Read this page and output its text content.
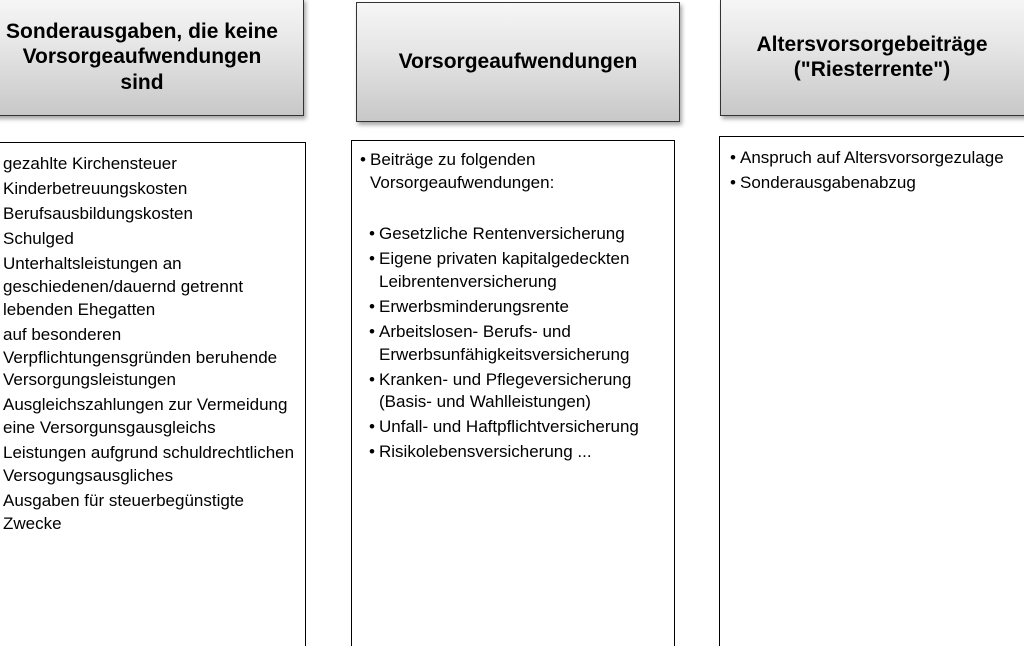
Sonderausgaben, die keine
Vorsorgeaufwendungen
sind
gezahlte Kirchensteuer
Kinderbetreuungskosten
Berufsausbildungskosten
Schulged
Unterhaltsleistungen an geschiedenen/dauernd getrennt lebenden Ehegatten
auf besonderen Verpflichtungensgründen beruhende Versorgungsleistungen
Ausgleichszahlungen zur Vermeidung eine Versorgunsgausgleichs
Leistungen aufgrund schuldrechtlichen Versogungsausgliches
Ausgaben für steuerbegünstigte Zwecke
Vorsorgeaufwendungen
• Beiträge zu folgenden Vorsorgeaufwendungen:
• Gesetzliche Rentenversicherung
• Eigene privaten kapitalgedeckten Leibrentenversicherung
• Erwerbsminderungsrente
• Arbeitslosen- Berufs- und Erwerbsunfähigkeitsversicherung
• Kranken- und Pflegeversicherung (Basis- und Wahlleistungen)
• Unfall- und Haftpflichtversicherung
• Risikolebensversicherung ...
Altersvorsorgebeiträge
("Riesterrente")
• Anspruch auf Altersvorsorgezulage
• Sonderausgabenabzug
